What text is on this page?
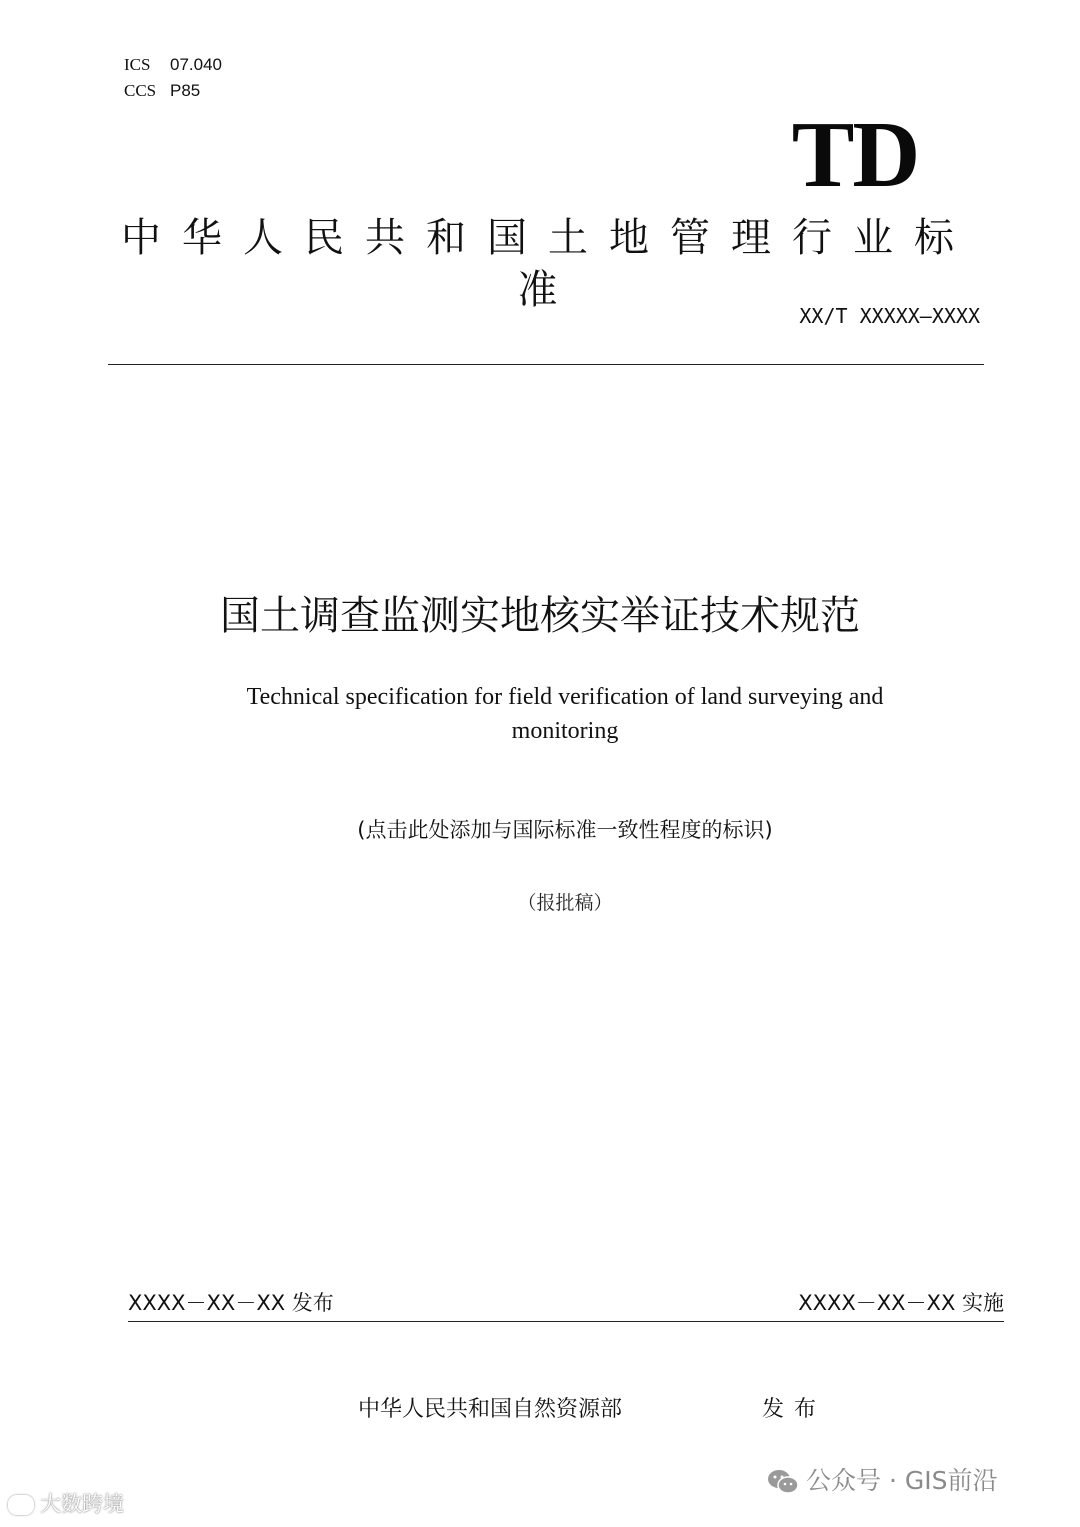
ICS 07.040
CCS P85
TD
中华人民共和国土地管理行业标准
XX/T XXXXX—XXXX
国土调查监测实地核实举证技术规范
Technical specification for field verification of land surveying and
monitoring
(点击此处添加与国际标准一致性程度的标识)
（报批稿）
XXXX－XX－XX 发布	XXXX－XX－XX 实施
中华人民共和国自然资源部	发布
大数跨境
公众号 · GIS前沿
